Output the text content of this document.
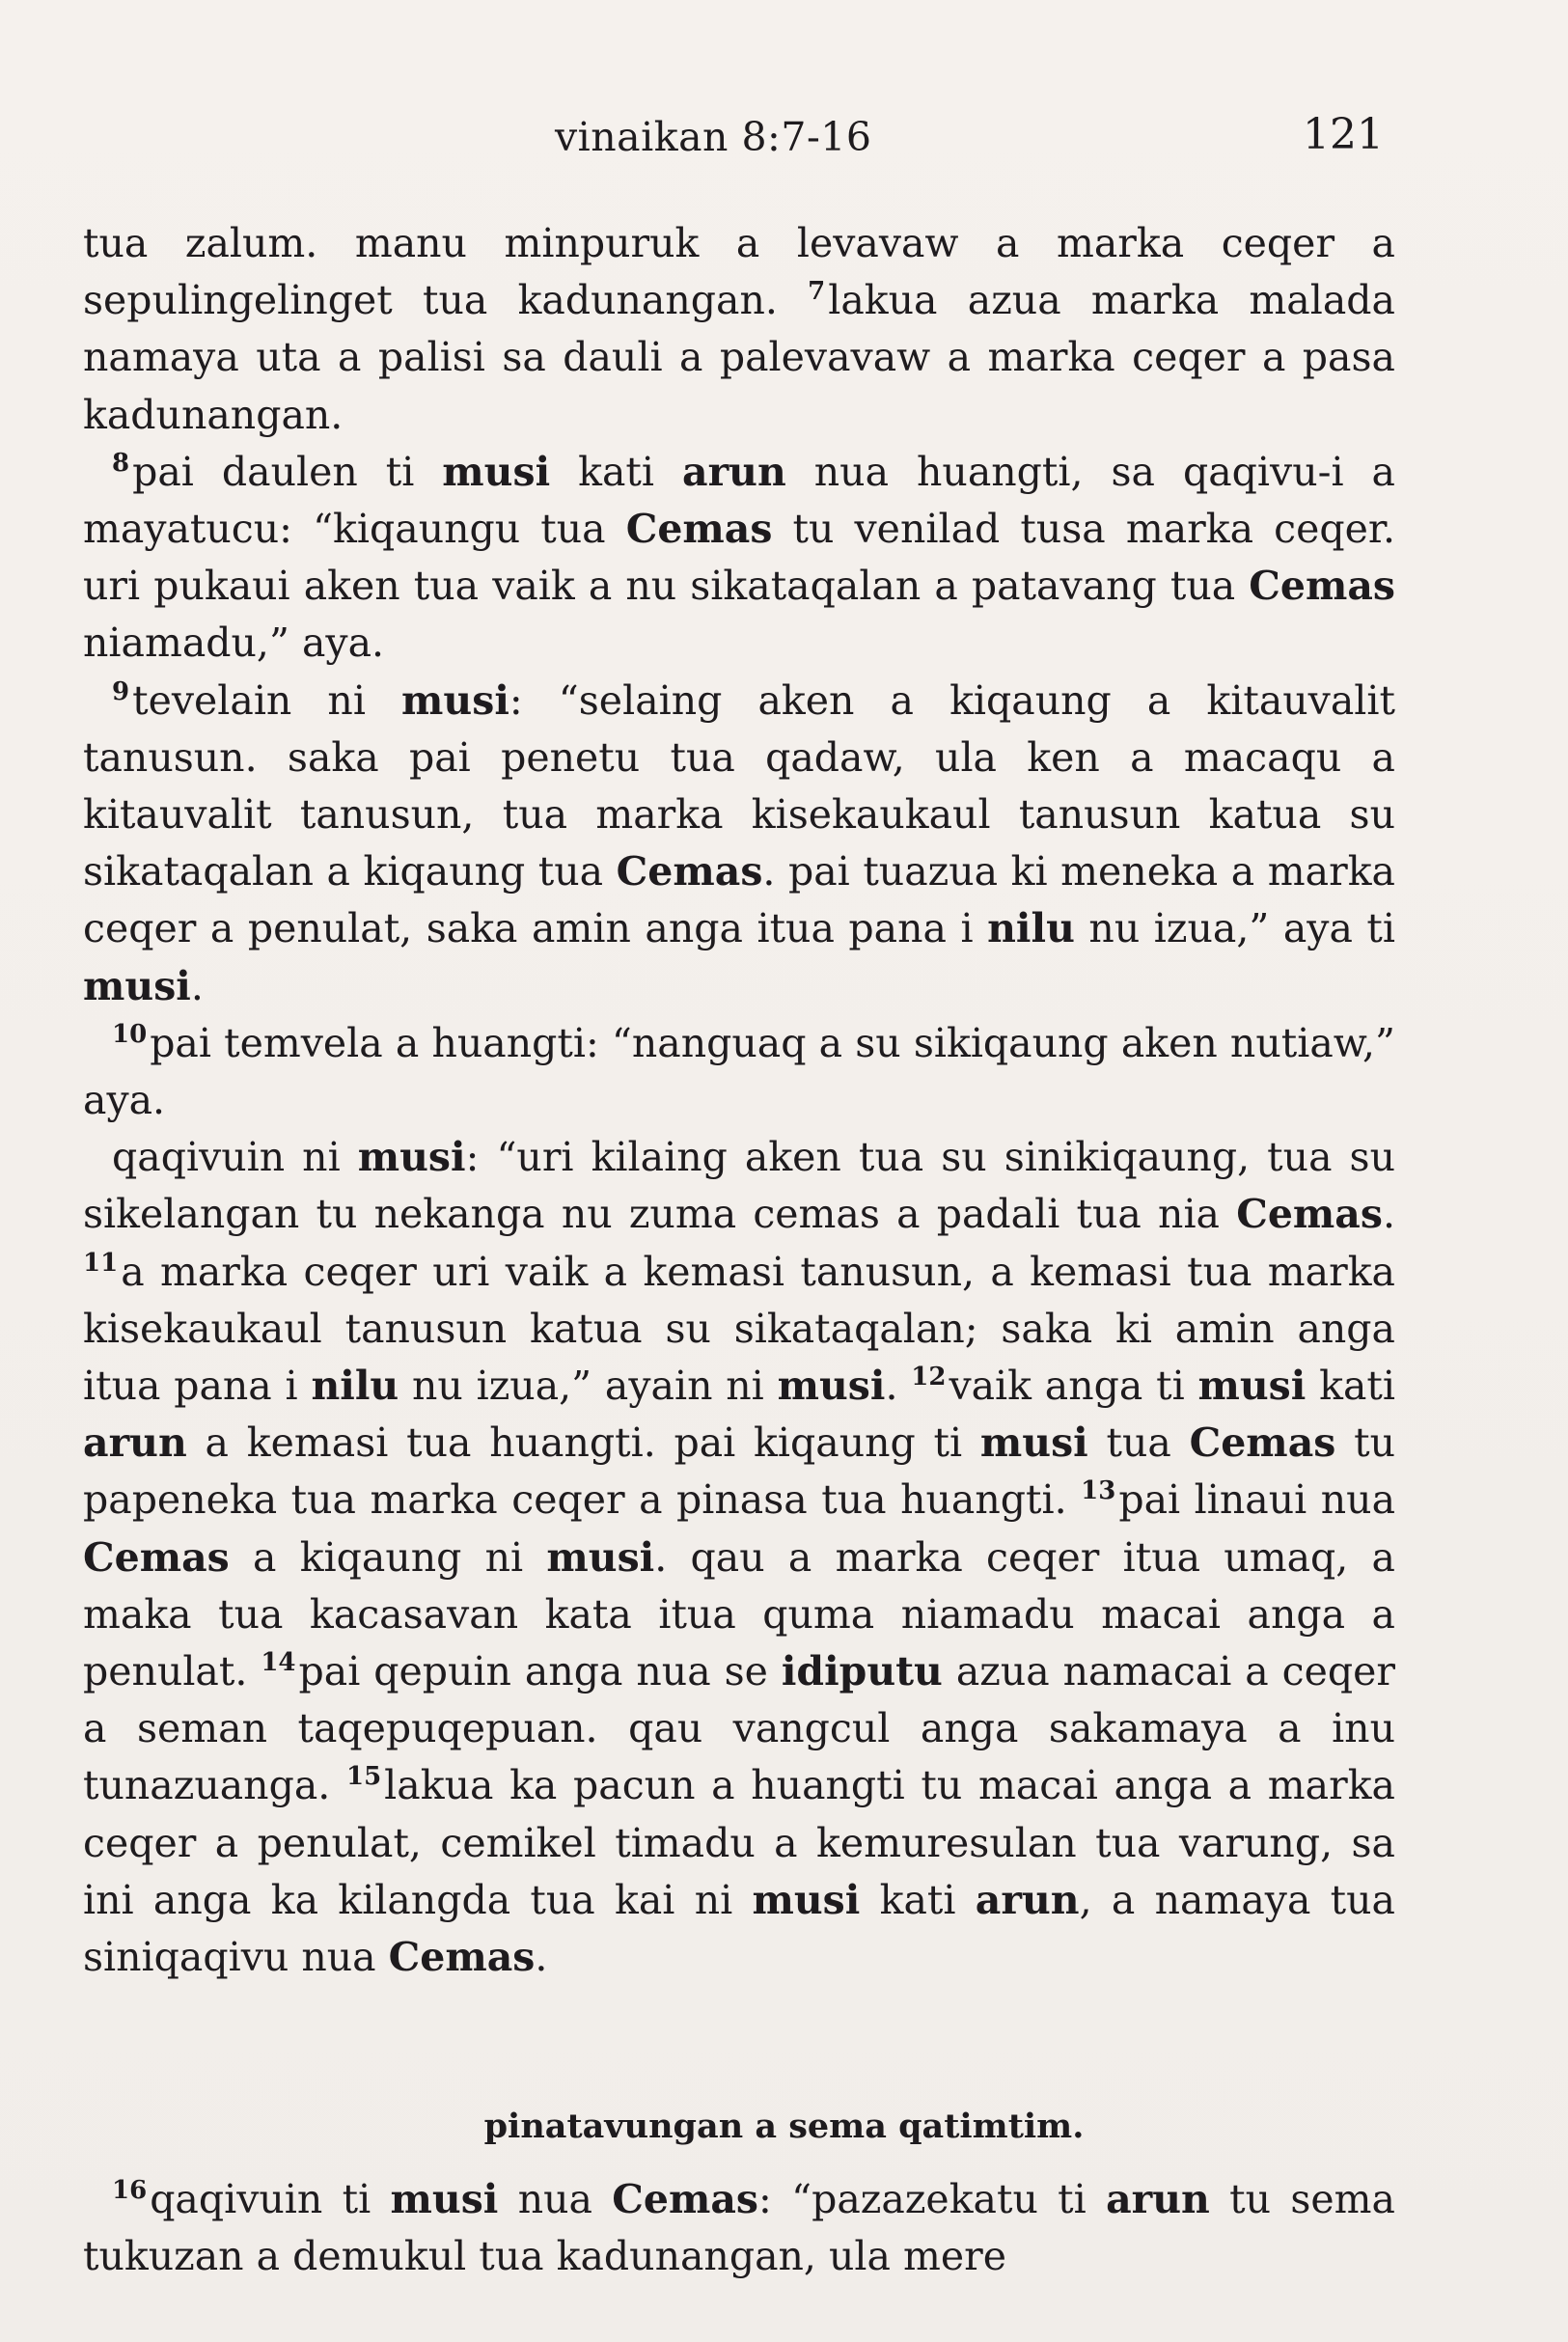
vinaikan 8:7-16	121

tua zalum. manu minpuruk a levavaw a marka ceqer a sepulingelinget tua kadunangan. $^7$lakua azua marka malada namaya uta a palisi sa dauli a palevavaw a marka ceqer a pasa kadunangan.

$^8$pai daulen ti musi kati arun nua huangti, sa qaqivu-i a mayatucu: “kiqaungu tua Cemas tu venilad tusa marka ceqer. uri pukaui aken tua vaik a nu sikataqalan a patavang tua Cemas niamadu,” aya.

$^9$tevelain ni musi: “selaing aken a kiqaung a kitauvalit tanusun. saka pai penetu tua qadaw, ula ken a macaqu a kitauvalit tanusun, tua marka kisekaukaul tanusun katua su sikataqalan a kiqaung tua Cemas. pai tuazua ki meneka a marka ceqer a penulat, saka amin anga itua pana i nilu nu izua,” aya ti musi.

$^{10}$pai temvela a huangti: “nanguaq a su sikiqaung aken nutiaw,” aya.

qaqivuin ni musi: “uri kilaing aken tua su sinikiqaung, tua su sikelangan tu nekanga nu zuma cemas a padali tua nia Cemas. $^{11}$a marka ceqer uri vaik a kemasi tanusun, a kemasi tua marka kisekaukaul tanusun katua su sikataqalan; saka ki amin anga itua pana i nilu nu izua,” ayain ni musi. $^{12}$vaik anga ti musi kati arun a kemasi tua huangti. pai kiqaung ti musi tua Cemas tu papeneka tua marka ceqer a pinasa tua huangti. $^{13}$pai linaui nua Cemas a kiqaung ni musi. qau a marka ceqer itua umaq, a maka tua kacasavan kata itua quma niamadu macai anga a penulat. $^{14}$pai qepuin anga nua se idiputu azua namacai a ceqer a seman taqepuqepuan. qau vangcul anga sakamaya a inu tunazuanga. $^{15}$lakua ka pacun a huangti tu macai anga a marka ceqer a penulat, cemikel timadu a kemuresulan tua varung, sa ini anga ka kilangda tua kai ni musi kati arun, a namaya tua siniqaqivu nua Cemas.

pinatavungan a sema qatimtim.

$^{16}$qaqivuin ti musi nua Cemas: “pazazekatu ti arun tu sema tukuzan a demukul tua kadunangan, ula mere
